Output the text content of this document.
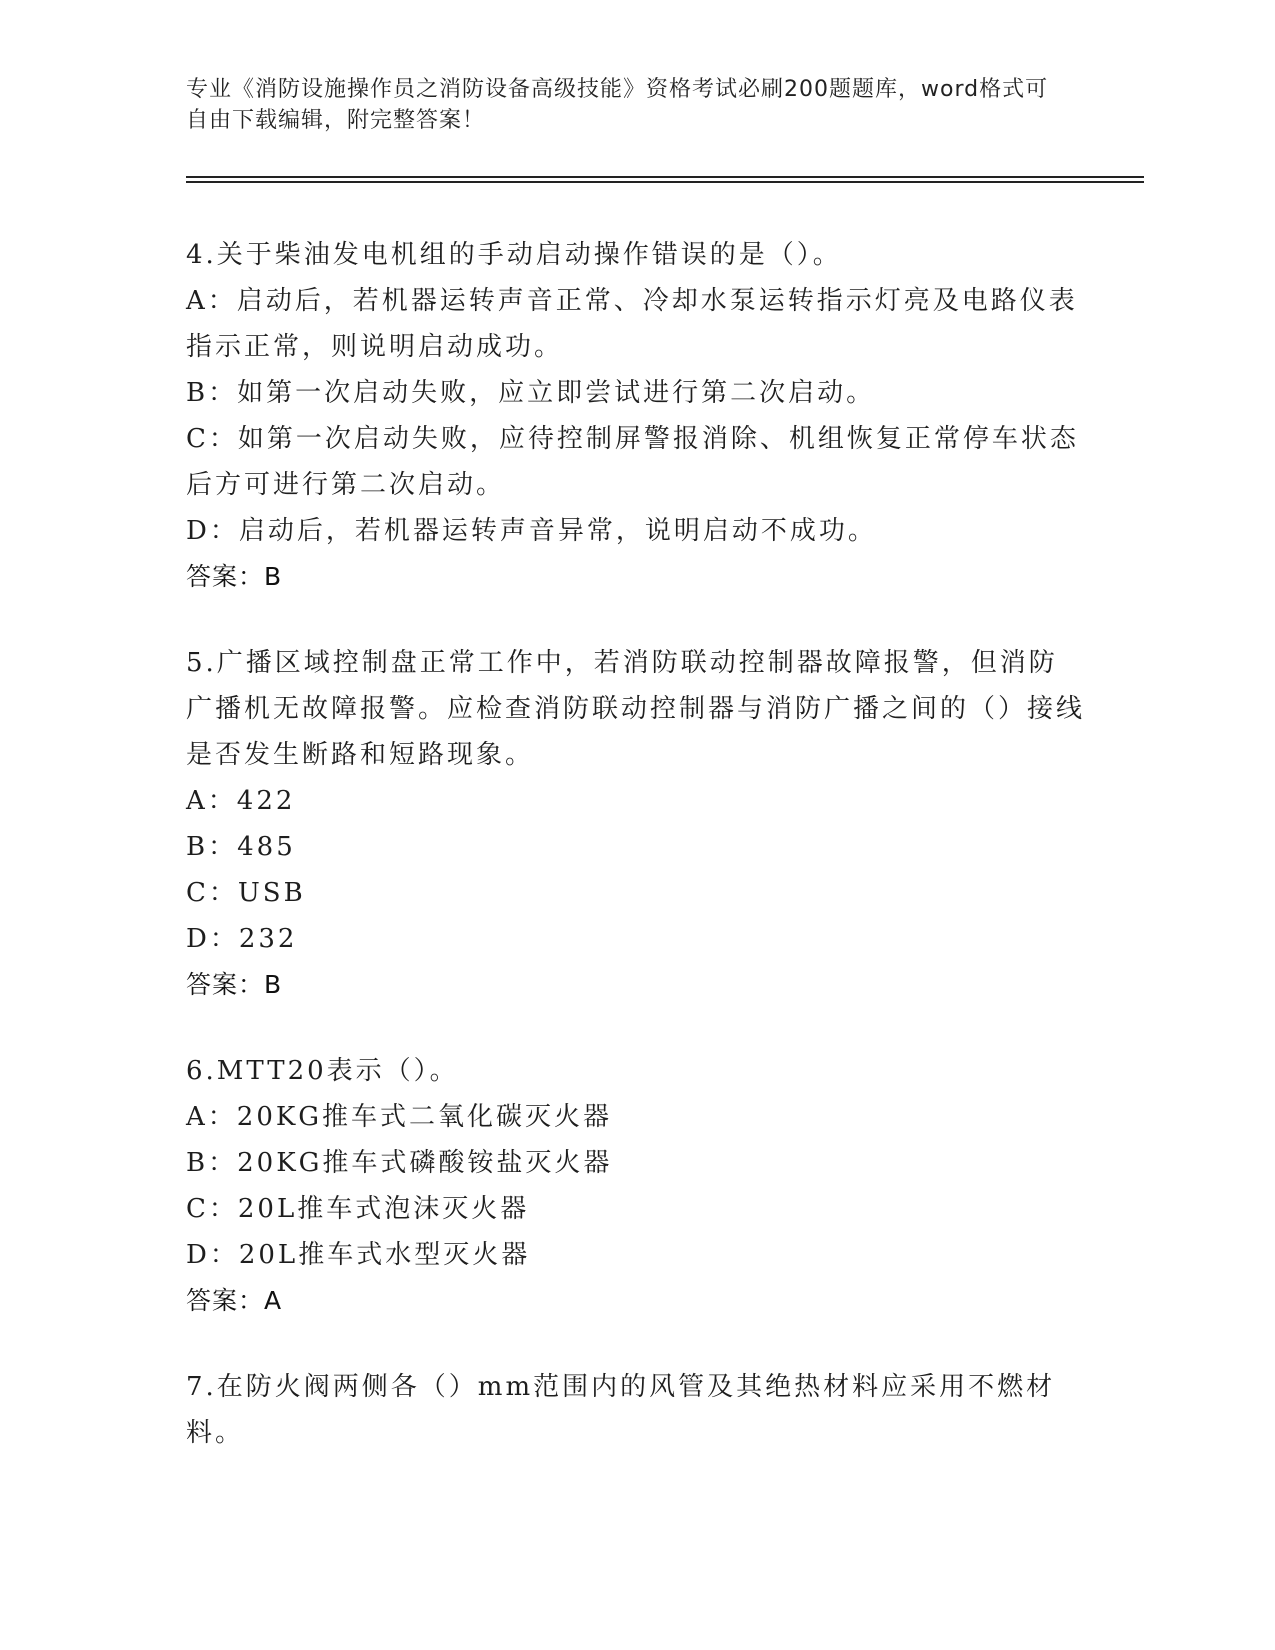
专业《消防设施操作员之消防设备高级技能》资格考试必刷200题题库，word格式可自由下载编辑，附完整答案！
4.关于柴油发电机组的手动启动操作错误的是（）。
A：启动后，若机器运转声音正常、冷却水泵运转指示灯亮及电路仪表指示正常，则说明启动成功。
B：如第一次启动失败，应立即尝试进行第二次启动。
C：如第一次启动失败，应待控制屏警报消除、机组恢复正常停车状态后方可进行第二次启动。
D：启动后，若机器运转声音异常，说明启动不成功。
答案：B
5.广播区域控制盘正常工作中，若消防联动控制器故障报警，但消防广播机无故障报警。应检查消防联动控制器与消防广播之间的（）接线是否发生断路和短路现象。
A：422
B：485
C：USB
D：232
答案：B
6.MTT20表示（）。
A：20KG推车式二氧化碳灭火器
B：20KG推车式磷酸铵盐灭火器
C：20L推车式泡沫灭火器
D：20L推车式水型灭火器
答案：A
7.在防火阀两侧各（）mm范围内的风管及其绝热材料应采用不燃材料。
